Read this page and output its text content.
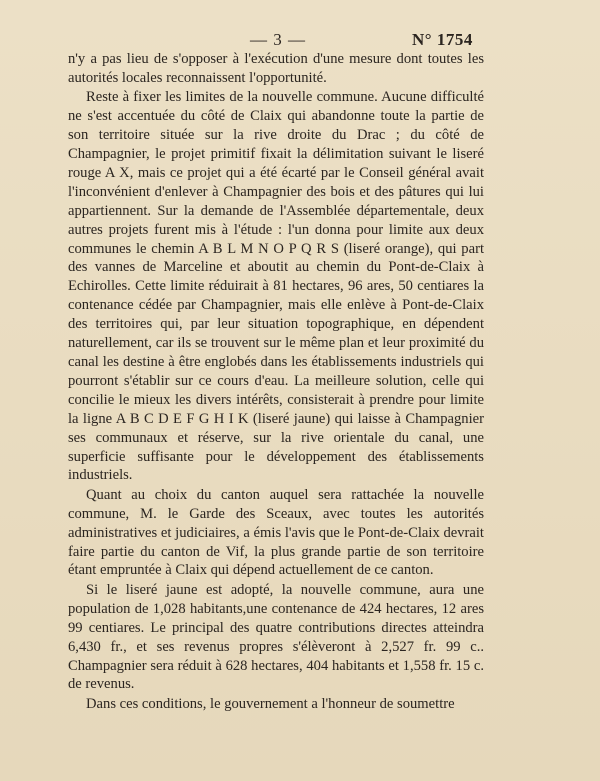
— 3 —	N° 1754

n'y a pas lieu de s'opposer à l'exécution d'une mesure dont toutes les autorités locales reconnaissent l'opportunité.

Reste à fixer les limites de la nouvelle commune. Aucune difficulté ne s'est accentuée du côté de Claix qui abandonne toute la partie de son territoire située sur la rive droite du Drac ; du côté de Champagnier, le projet primitif fixait la délimitation suivant le liseré rouge A X, mais ce projet qui a été écarté par le Conseil général avait l'inconvénient d'enlever à Champagnier des bois et des pâtures qui lui appartiennent. Sur la demande de l'Assemblée départementale, deux autres projets furent mis à l'étude : l'un donna pour limite aux deux communes le chemin A B L M N O P Q R S (liseré orange), qui part des vannes de Marceline et aboutit au chemin du Pont-de-Claix à Echirolles. Cette limite réduirait à 81 hectares, 96 ares, 50 centiares la contenance cédée par Champagnier, mais elle enlève à Pont-de-Claix des territoires qui, par leur situation topographique, en dépendent naturellement, car ils se trouvent sur le même plan et leur proximité du canal les destine à être englobés dans les établissements industriels qui pourront s'établir sur ce cours d'eau. La meilleure solution, celle qui concilie le mieux les divers intérêts, consisterait à prendre pour limite la ligne A B C D E F G H I K (liseré jaune) qui laisse à Champagnier ses communaux et réserve, sur la rive orientale du canal, une superficie suffisante pour le développement des établissements industriels.

Quant au choix du canton auquel sera rattachée la nouvelle commune, M. le Garde des Sceaux, avec toutes les autorités administratives et judiciaires, a émis l'avis que le Pont-de-Claix devrait faire partie du canton de Vif, la plus grande partie de son territoire étant empruntée à Claix qui dépend actuellement de ce canton.

Si le liseré jaune est adopté, la nouvelle commune, aura une population de 1,028 habitants,une contenance de 424 hectares, 12 ares 99 centiares. Le principal des quatre contributions directes atteindra 6,430 fr., et ses revenus propres s'élèveront à 2,527 fr. 99 c.. Champagnier sera réduit à 628 hectares, 404 habitants et 1,558 fr. 15 c. de revenus.

Dans ces conditions, le gouvernement a l'honneur de soumettre
